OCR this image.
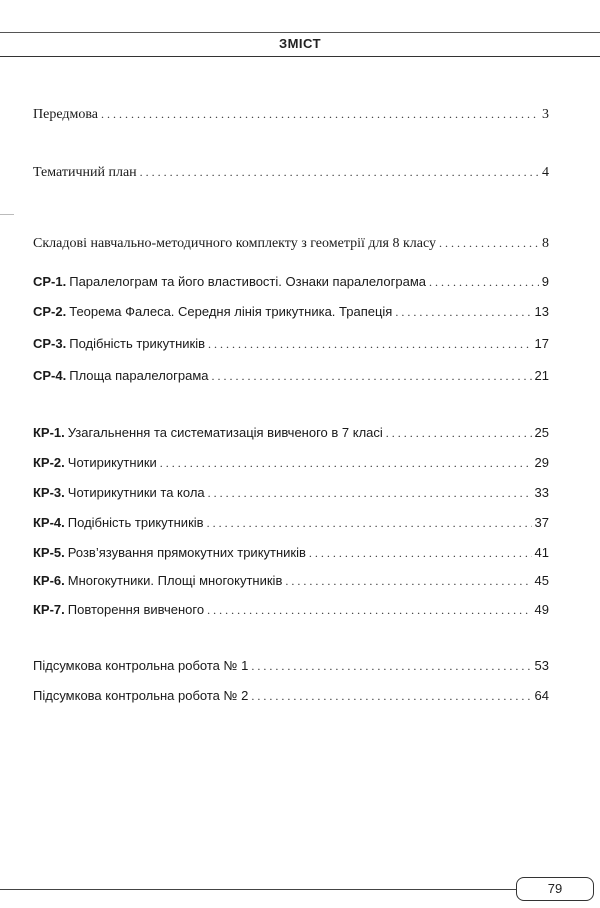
ЗМІСТ
Передмова . . .	3
Тематичний план . . .	4
Складові навчально-методичного комплекту з геометрії для 8 класу . . .	8
СР-1. Паралелограм та його властивості. Ознаки паралелограма . . .	9
СР-2. Теорема Фалеса. Середня лінія трикутника. Трапеція . . .	13
СР-3. Подібність трикутників . . .	17
СР-4. Площа паралелограма . . .	21
КР-1. Узагальнення та систематизація вивченого в 7 класі . . .	25
КР-2. Чотирикутники . . .	29
КР-3. Чотирикутники та кола . . .	33
КР-4. Подібність трикутників . . .	37
КР-5. Розв’язування прямокутних трикутників . . .	41
КР-6. Многокутники. Площі многокутників . . .	45
КР-7. Повторення вивченого . . .	49
Підсумкова контрольна робота № 1 . . .	53
Підсумкова контрольна робота № 2 . . .	64
79
